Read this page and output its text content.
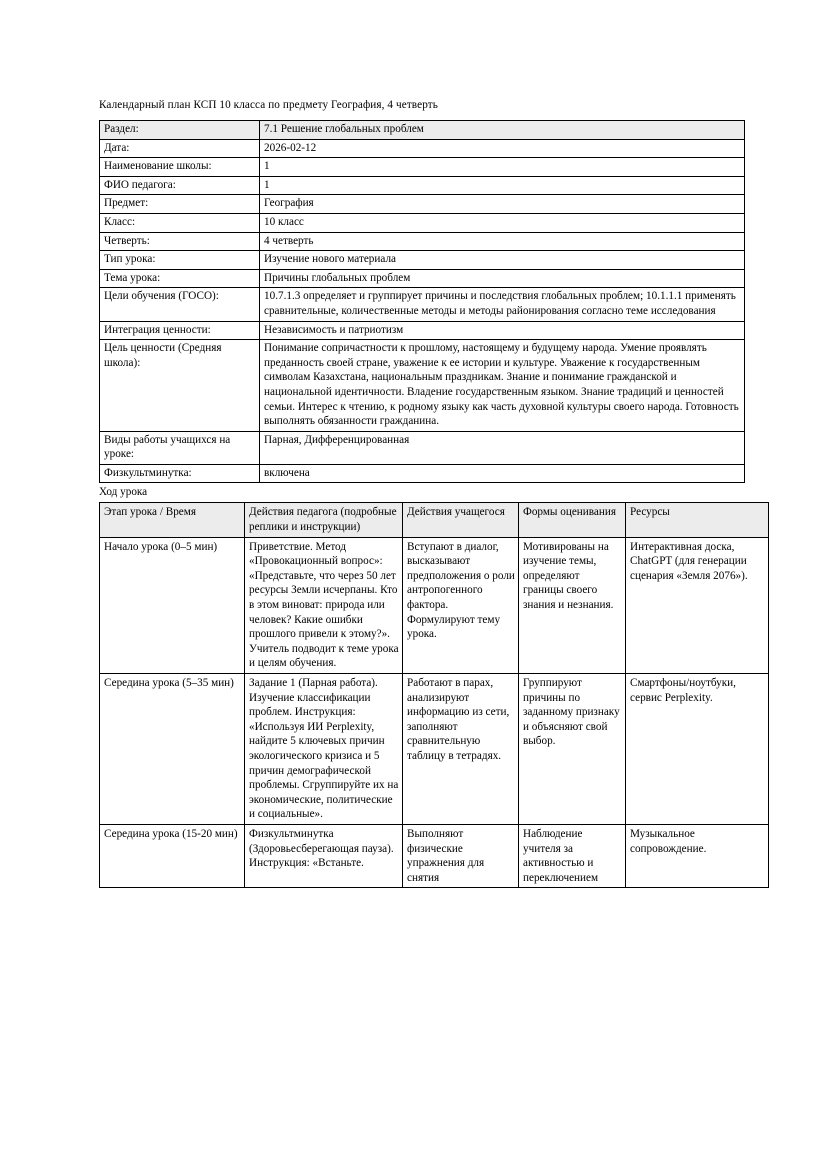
Календарный план КСП 10 класса по предмету География, 4 четверть

Раздел:	7.1 Решение глобальных проблем
Дата:	2026-02-12
Наименование школы:	1
ФИО педагога:	1
Предмет:	География
Класс:	10 класс
Четверть:	4 четверть
Тип урока:	Изучение нового материала
Тема урока:	Причины глобальных проблем
Цели обучения (ГОСО):	10.7.1.3 определяет и группирует причины и последствия глобальных проблем; 10.1.1.1 применять сравнительные, количественные методы и методы районирования согласно теме исследования
Интеграция ценности:	Независимость и патриотизм
Цель ценности (Средняя школа):	Понимание сопричастности к прошлому, настоящему и будущему народа. Умение проявлять преданность своей стране, уважение к ее истории и культуре. Уважение к государственным символам Казахстана, национальным праздникам. Знание и понимание гражданской и национальной идентичности. Владение государственным языком. Знание традиций и ценностей семьи. Интерес к чтению, к родному языку как часть духовной культуры своего народа. Готовность выполнять обязанности гражданина.
Виды работы учащихся на уроке:	Парная, Дифференцированная
Физкультминутка:	включена

Ход урока

Этап урока / Время	Действия педагога (подробные реплики и инструкции)	Действия учащегося	Формы оценивания	Ресурсы
Начало урока (0–5 мин)	Приветствие. Метод «Провокационный вопрос»: «Представьте, что через 50 лет ресурсы Земли исчерпаны. Кто в этом виноват: природа или человек? Какие ошибки прошлого привели к этому?». Учитель подводит к теме урока и целям обучения.	Вступают в диалог, высказывают предположения о роли антропогенного фактора. Формулируют тему урока.	Мотивированы на изучение темы, определяют границы своего знания и незнания.	Интерактивная доска, ChatGPT (для генерации сценария «Земля 2076»).
Середина урока (5–35 мин)	Задание 1 (Парная работа). Изучение классификации проблем. Инструкция: «Используя ИИ Perplexity, найдите 5 ключевых причин экологического кризиса и 5 причин демографической проблемы. Сгруппируйте их на экономические, политические и социальные».	Работают в парах, анализируют информацию из сети, заполняют сравнительную таблицу в тетрадях.	Группируют причины по заданному признаку и объясняют свой выбор.	Смартфоны/ноутбуки, сервис Perplexity.
Середина урока (15-20 мин)	Физкультминутка (Здоровьесберегающая пауза). Инструкция: «Встаньте.	Выполняют физические упражнения для снятия	Наблюдение учителя за активностью и переключением	Музыкальное сопровождение.
